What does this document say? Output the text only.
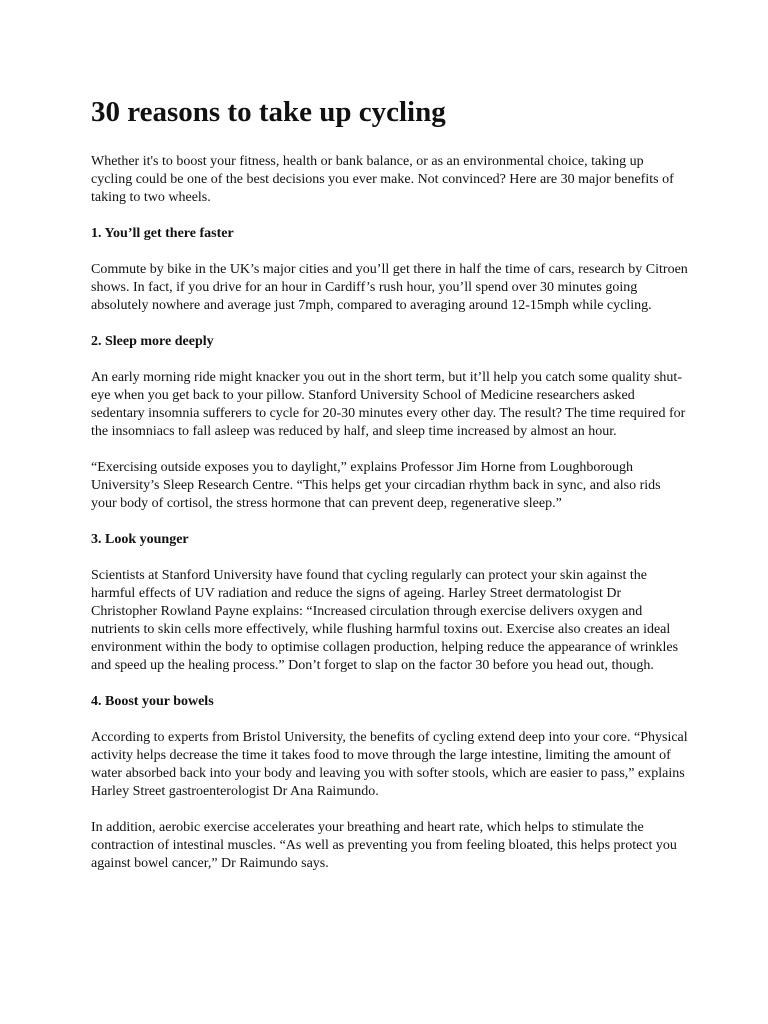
30 reasons to take up cycling

Whether it's to boost your fitness, health or bank balance, or as an environmental choice, taking up cycling could be one of the best decisions you ever make. Not convinced? Here are 30 major benefits of taking to two wheels.

1. You’ll get there faster

Commute by bike in the UK’s major cities and you’ll get there in half the time of cars, research by Citroen shows. In fact, if you drive for an hour in Cardiff’s rush hour, you’ll spend over 30 minutes going absolutely nowhere and average just 7mph, compared to averaging around 12-15mph while cycling.

2. Sleep more deeply

An early morning ride might knacker you out in the short term, but it’ll help you catch some quality shut-eye when you get back to your pillow. Stanford University School of Medicine researchers asked sedentary insomnia sufferers to cycle for 20-30 minutes every other day. The result? The time required for the insomniacs to fall asleep was reduced by half, and sleep time increased by almost an hour.

“Exercising outside exposes you to daylight,” explains Professor Jim Horne from Loughborough University’s Sleep Research Centre. “This helps get your circadian rhythm back in sync, and also rids your body of cortisol, the stress hormone that can prevent deep, regenerative sleep.”

3. Look younger

Scientists at Stanford University have found that cycling regularly can protect your skin against the harmful effects of UV radiation and reduce the signs of ageing. Harley Street dermatologist Dr Christopher Rowland Payne explains: “Increased circulation through exercise delivers oxygen and nutrients to skin cells more effectively, while flushing harmful toxins out. Exercise also creates an ideal environment within the body to optimise collagen production, helping reduce the appearance of wrinkles and speed up the healing process.” Don’t forget to slap on the factor 30 before you head out, though.

4. Boost your bowels

According to experts from Bristol University, the benefits of cycling extend deep into your core. “Physical activity helps decrease the time it takes food to move through the large intestine, limiting the amount of water absorbed back into your body and leaving you with softer stools, which are easier to pass,” explains Harley Street gastroenterologist Dr Ana Raimundo.

In addition, aerobic exercise accelerates your breathing and heart rate, which helps to stimulate the contraction of intestinal muscles. “As well as preventing you from feeling bloated, this helps protect you against bowel cancer,” Dr Raimundo says.
